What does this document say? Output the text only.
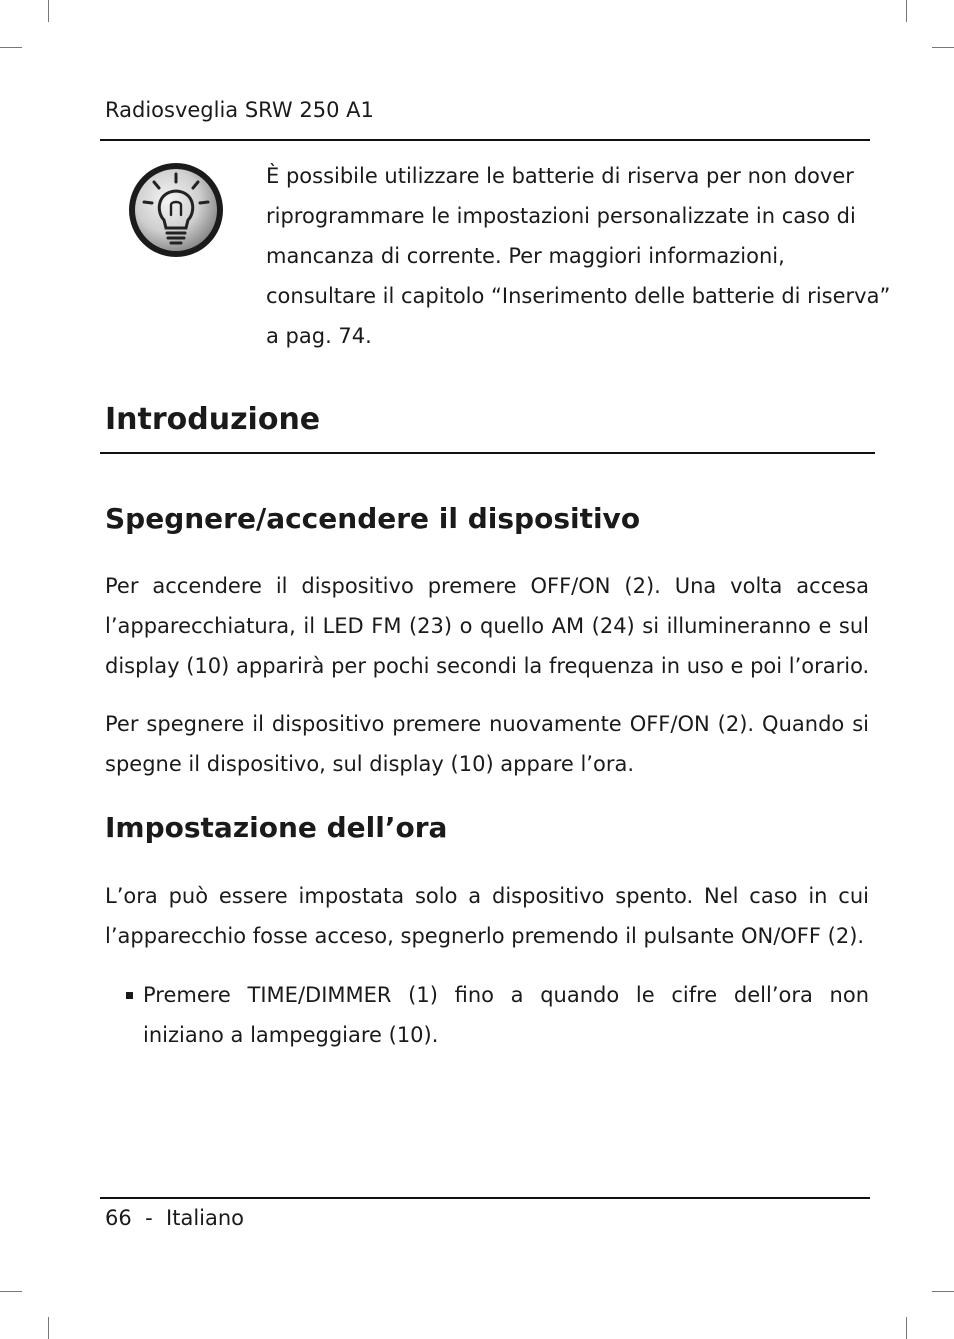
Radiosveglia SRW 250 A1
È possibile utilizzare le batterie di riserva per non dover
riprogrammare le impostazioni personalizzate in caso di
mancanza di corrente. Per maggiori informazioni,
consultare il capitolo “Inserimento delle batterie di riserva”
a pag. 74.
Introduzione
Spegnere/accendere il dispositivo
Per accendere il dispositivo premere OFF/ON (2). Una volta accesa
l’apparecchiatura, il LED FM (23) o quello AM (24) si illumineranno e sul
display (10) apparirà per pochi secondi la frequenza in uso e poi l’orario.
Per spegnere il dispositivo premere nuovamente OFF/ON (2). Quando si
spegne il dispositivo, sul display (10) appare l’ora.
Impostazione dell’ora
L’ora può essere impostata solo a dispositivo spento. Nel caso in cui
l’apparecchio fosse acceso, spegnerlo premendo il pulsante ON/OFF (2).
Premere TIME/DIMMER (1) fino a quando le cifre dell’ora non
iniziano a lampeggiare (10).
66 - Italiano
